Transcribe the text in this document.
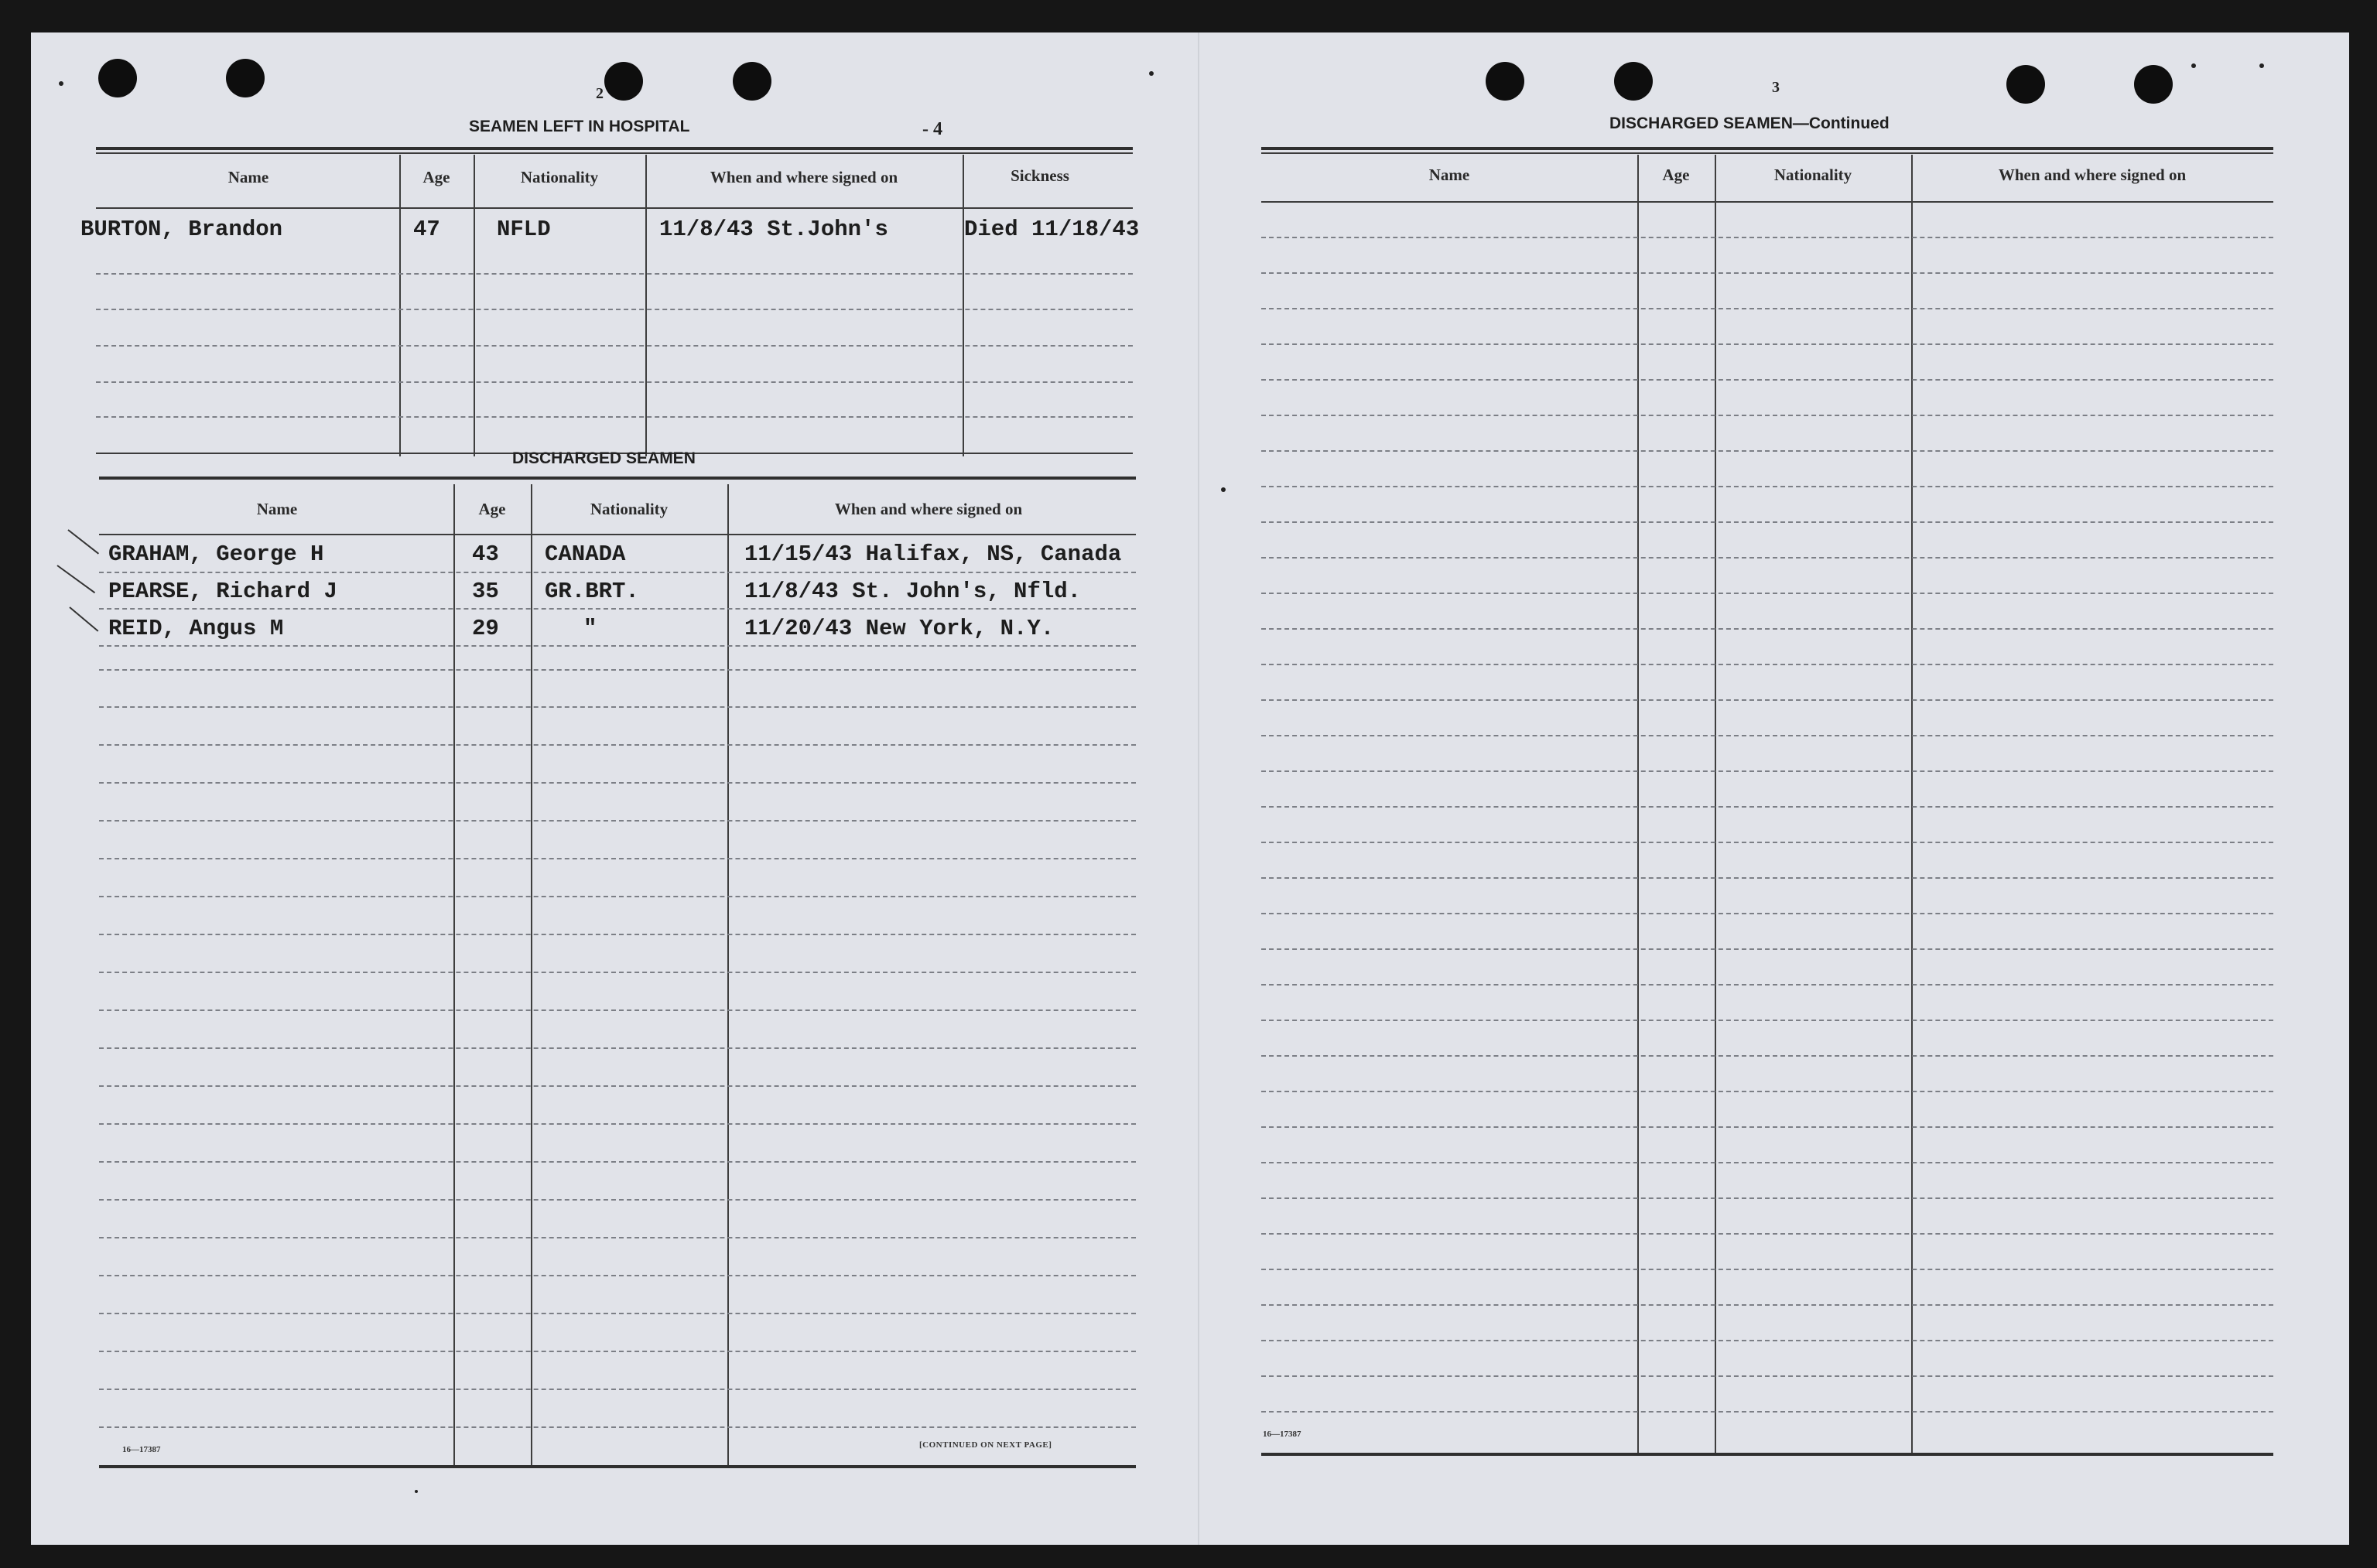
2
SEAMEN LEFT IN HOSPITAL	- 4
Name	Age	Nationality	When and where signed on	Sickness
BURTON, Brandon	47	NFLD	11/8/43 St.John's	Died 11/18/43
DISCHARGED SEAMEN
Name	Age	Nationality	When and where signed on
GRAHAM, George H	43 CANADA	11/15/43 Halifax, NS, Canada
PEARSE, Richard J	35 GR.BRT.	11/8/43 St. John's, Nfld.
REID, Angus M	29	"	11/20/43 New York, N.Y.
16—17387	[CONTINUED ON NEXT PAGE]
3
DISCHARGED SEAMEN—Continued
Name	Age	Nationality	When and where signed on
16—17387
